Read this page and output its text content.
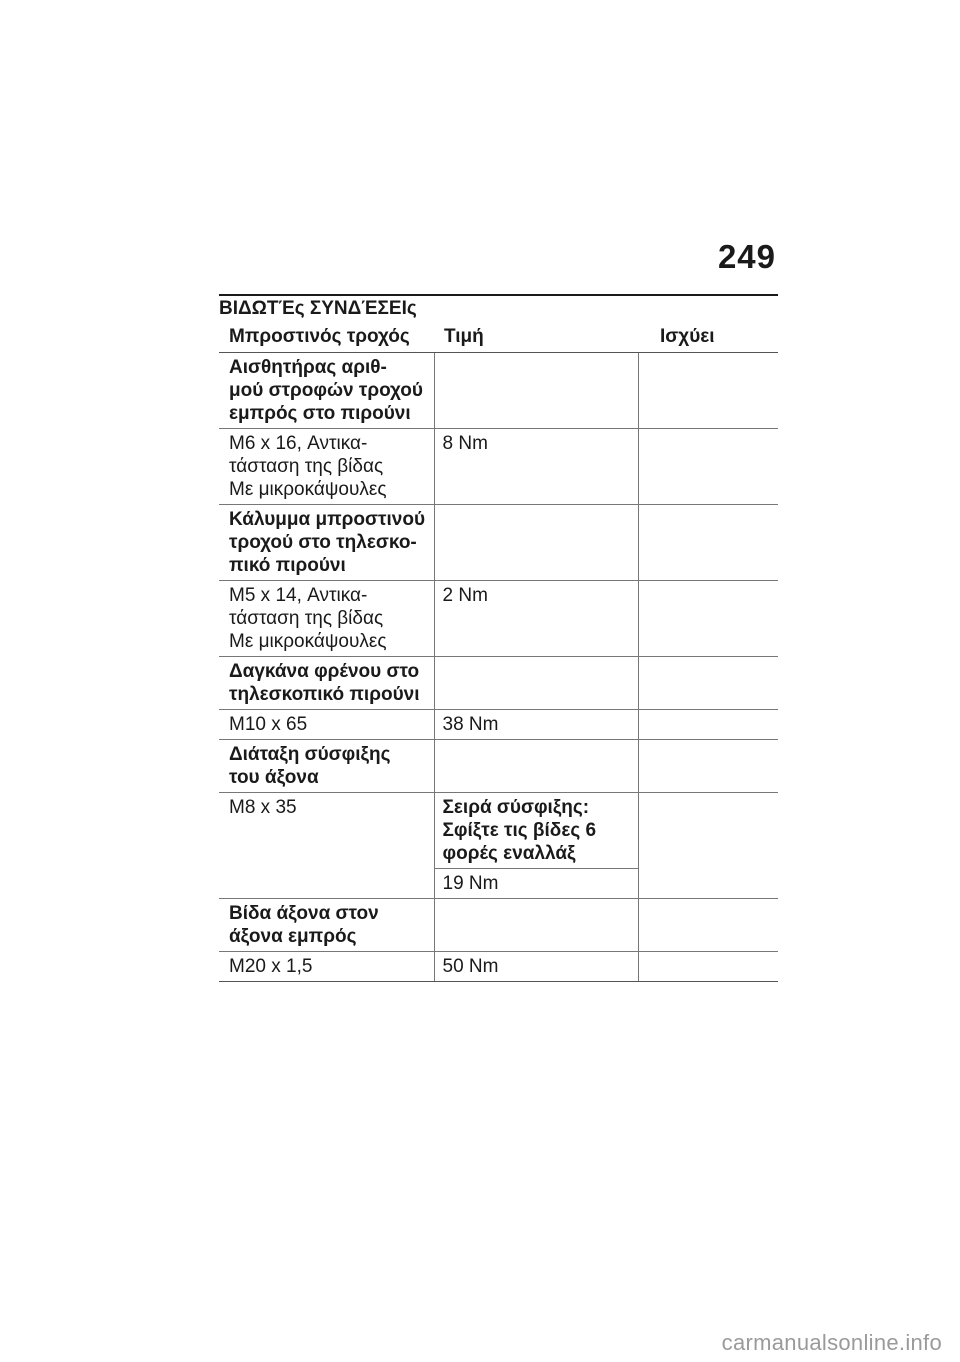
249
ΒΙΔΩΤΈς ΣΥΝΔΈΣΕΙς
Μπροστινός τροχός	Τιμή	Ισχύει
Αισθητήρας αριθ-
μού στροφών τροχού
εμπρός στο πιρούνι		
M6 x 16, Αντικα-
τάσταση της βίδας
Με μικροκάψουλες	8 Nm	
Κάλυμμα μπροστινού
τροχού στο τηλεσκο-
πικό πιρούνι		
M5 x 14, Αντικα-
τάσταση της βίδας
Με μικροκάψουλες	2 Nm	
Δαγκάνα φρένου στο
τηλεσκοπικό πιρούνι		
M10 x 65	38 Nm	
Διάταξη σύσφιξης
του άξονα		
M8 x 35	Σειρά σύσφιξης:
Σφίξτε τις βίδες 6
φορές εναλλάξ	
	19 Nm	
Βίδα άξονα στον
άξονα εμπρός		
M20 x 1,5	50 Nm	
carmanualsonline.info
